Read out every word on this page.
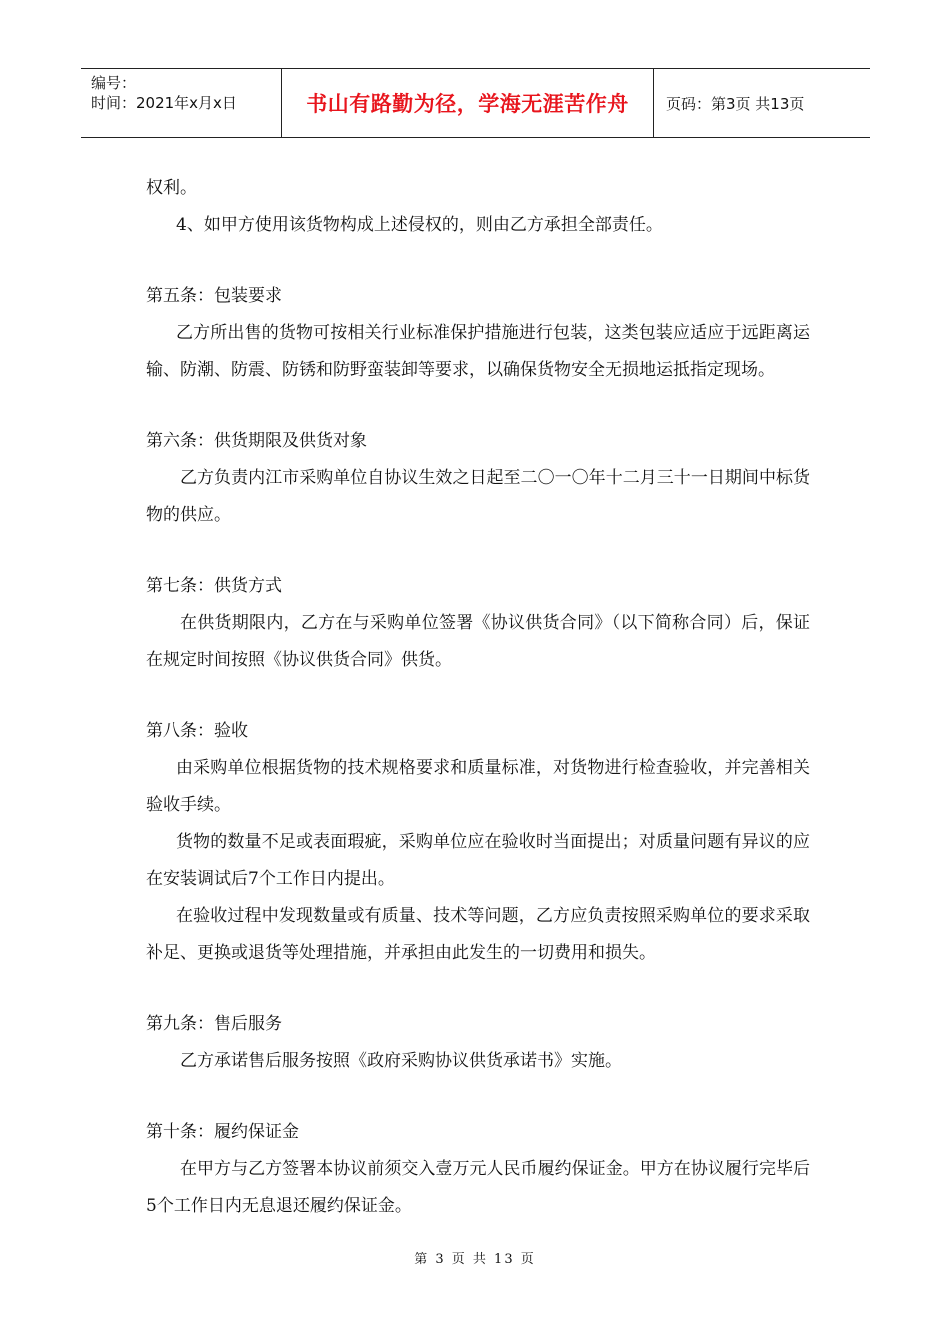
编号：
时间：2021年x月x日	书山有路勤为径，学海无涯苦作舟	页码：第3页 共13页

权利。

4、如甲方使用该货物构成上述侵权的，则由乙方承担全部责任。

第五条：包装要求

乙方所出售的货物可按相关行业标准保护措施进行包装，这类包装应适应于远距离运输、防潮、防震、防锈和防野蛮装卸等要求，以确保货物安全无损地运抵指定现场。

第六条：供货期限及供货对象

乙方负责内江市采购单位自协议生效之日起至二〇一〇年十二月三十一日期间中标货物的供应。

第七条：供货方式

在供货期限内，乙方在与采购单位签署《协议供货合同》（以下简称合同）后，保证在规定时间按照《协议供货合同》供货。

第八条：验收

由采购单位根据货物的技术规格要求和质量标准，对货物进行检查验收，并完善相关验收手续。

货物的数量不足或表面瑕疵，采购单位应在验收时当面提出；对质量问题有异议的应在安装调试后7个工作日内提出。

在验收过程中发现数量或有质量、技术等问题，乙方应负责按照采购单位的要求采取补足、更换或退货等处理措施，并承担由此发生的一切费用和损失。

第九条：售后服务

乙方承诺售后服务按照《政府采购协议供货承诺书》实施。

第十条：履约保证金

在甲方与乙方签署本协议前须交入壹万元人民币履约保证金。甲方在协议履行完毕后5个工作日内无息退还履约保证金。

第 3 页 共 13 页
